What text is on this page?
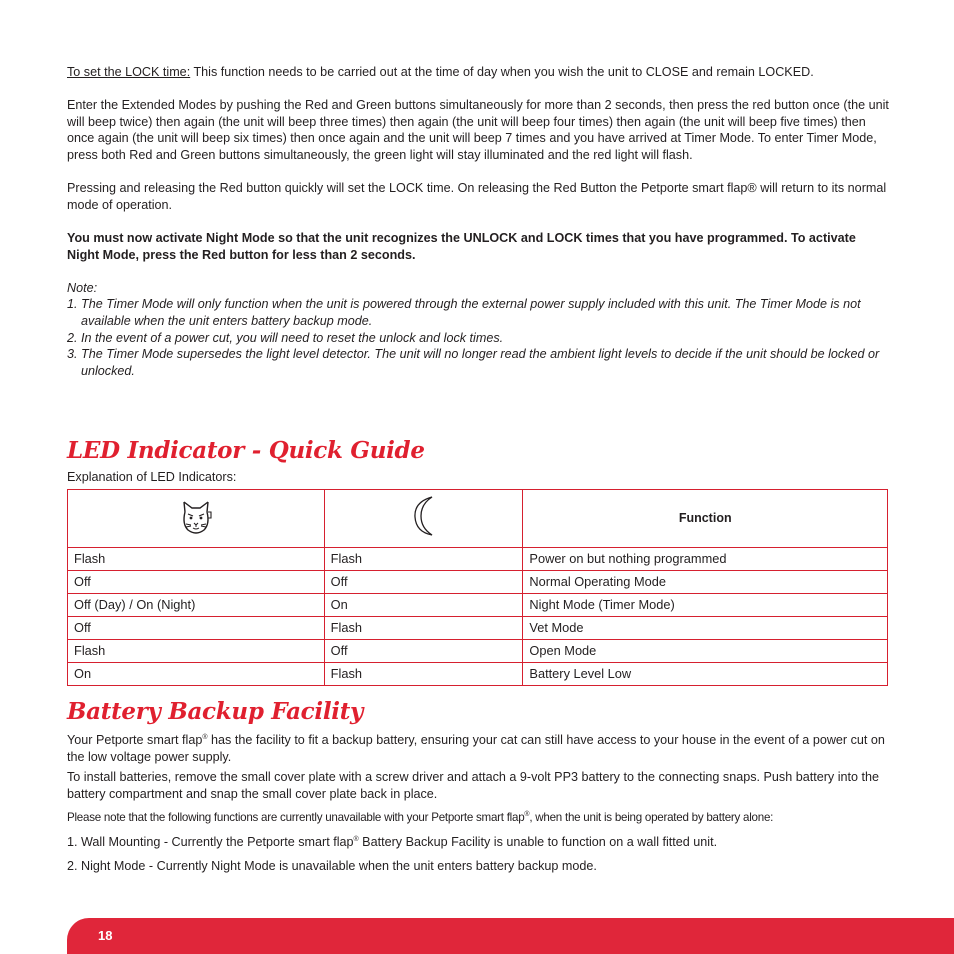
To set the LOCK time: This function needs to be carried out at the time of day when you wish the unit to CLOSE and remain LOCKED.

Enter the Extended Modes by pushing the Red and Green buttons simultaneously for more than 2 seconds, then press the red button once (the unit will beep twice) then again (the unit will beep three times) then again (the unit will beep four times) then again (the unit will beep five times) then once again (the unit will beep six times) then once again and the unit will beep 7 times and you have arrived at Timer Mode. To enter Timer Mode, press both Red and Green buttons simultaneously, the green light will stay illuminated and the red light will flash.

Pressing and releasing the Red button quickly will set the LOCK time. On releasing the Red Button the Petporte smart flap® will return to its normal mode of operation.

You must now activate Night Mode so that the unit recognizes the UNLOCK and LOCK times that you have programmed. To activate Night Mode, press the Red button for less than 2 seconds.

Note:

1. The Timer Mode will only function when the unit is powered through the external power supply included with this unit. The Timer Mode is not available when the unit enters battery backup mode.
2. In the event of a power cut, you will need to reset the unlock and lock times.
3. The Timer Mode supersedes the light level detector. The unit will no longer read the ambient light levels to decide if the unit should be locked or unlocked.
LED Indicator - Quick Guide

Explanation of LED Indicators:

		Function
Flash	Flash	Power on but nothing programmed
Off	Off	Normal Operating Mode
Off (Day) / On (Night)	On	Night Mode (Timer Mode)
Off	Flash	Vet Mode
Flash	Off	Open Mode
On	Flash	Battery Level Low
Battery Backup Facility

Your Petporte smart flap® has the facility to fit a backup battery, ensuring your cat can still have access to your house in the event of a power cut on the low voltage power supply.

To install batteries, remove the small cover plate with a screw driver and attach a 9-volt PP3 battery to the connecting snaps. Push battery into the battery compartment and snap the small cover plate back in place.

Please note that the following functions are currently unavailable with your Petporte smart flap®, when the unit is being operated by battery alone:

1. Wall Mounting - Currently the Petporte smart flap® Battery Backup Facility is unable to function on a wall fitted unit.

2. Night Mode - Currently Night Mode is unavailable when the unit enters battery backup mode.

18
